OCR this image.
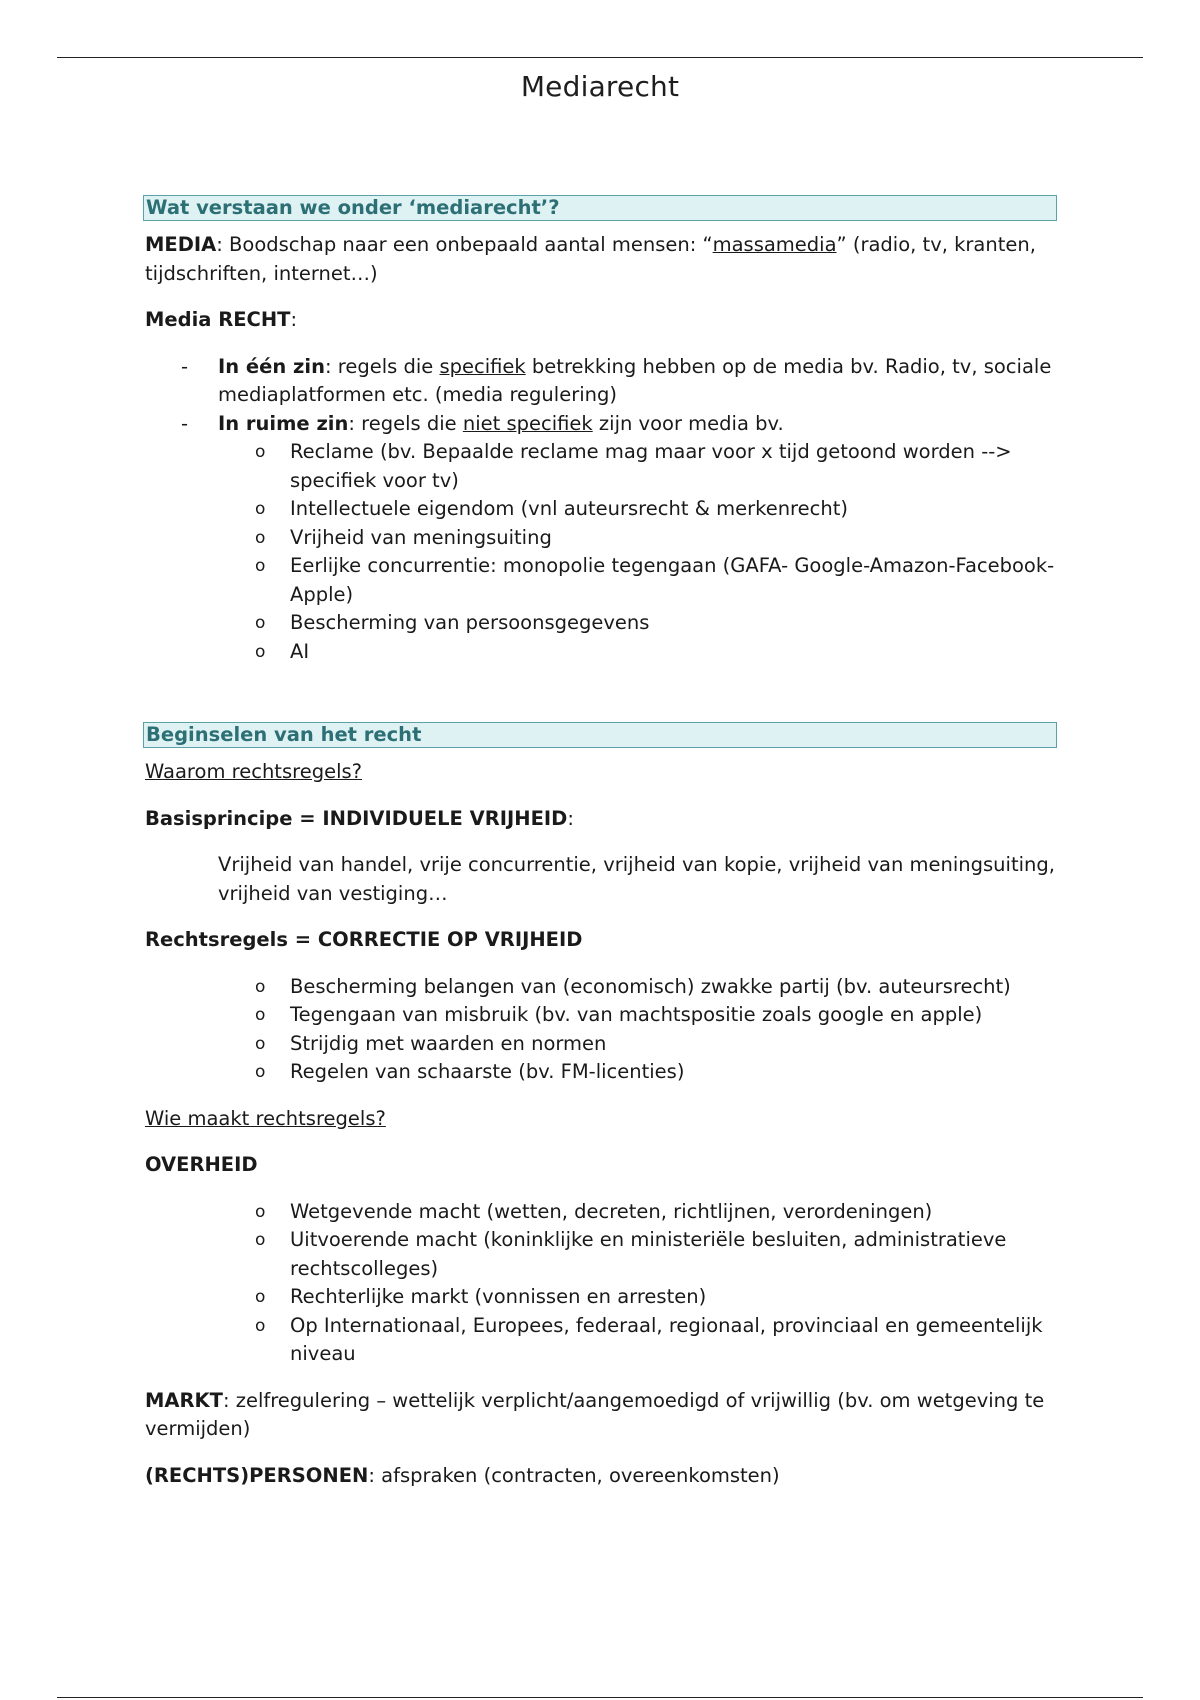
Mediarecht
Wat verstaan we onder ‘mediarecht’?

MEDIA: Boodschap naar een onbepaald aantal mensen: “massamedia” (radio, tv, kranten, tijdschriften, internet…)

Media RECHT:

- In één zin: regels die specifiek betrekking hebben op de media bv. Radio, tv, sociale mediaplatformen etc. (media regulering)
- In ruime zin: regels die niet specifiek zijn voor media bv.
o Reclame (bv. Bepaalde reclame mag maar voor x tijd getoond worden --> specifiek voor tv)
o Intellectuele eigendom (vnl auteursrecht & merkenrecht)
o Vrijheid van meningsuiting
o Eerlijke concurrentie: monopolie tegengaan (GAFA- Google-Amazon-Facebook-Apple)
o Bescherming van persoonsgegevens
o AI
Beginselen van het recht

Waarom rechtsregels?

Basisprincipe = INDIVIDUELE VRIJHEID:

Vrijheid van handel, vrije concurrentie, vrijheid van kopie, vrijheid van meningsuiting, vrijheid van vestiging…

Rechtsregels = CORRECTIE OP VRIJHEID

o Bescherming belangen van (economisch) zwakke partij (bv. auteursrecht)
o Tegengaan van misbruik (bv. van machtspositie zoals google en apple)
o Strijdig met waarden en normen
o Regelen van schaarste (bv. FM-licenties)

Wie maakt rechtsregels?

OVERHEID

o Wetgevende macht (wetten, decreten, richtlijnen, verordeningen)
o Uitvoerende macht (koninklijke en ministeriële besluiten, administratieve rechtscolleges)
o Rechterlijke markt (vonnissen en arresten)
o Op Internationaal, Europees, federaal, regionaal, provinciaal en gemeentelijk niveau

MARKT: zelfregulering – wettelijk verplicht/aangemoedigd of vrijwillig (bv. om wetgeving te vermijden)

(RECHTS)PERSONEN: afspraken (contracten, overeenkomsten)
